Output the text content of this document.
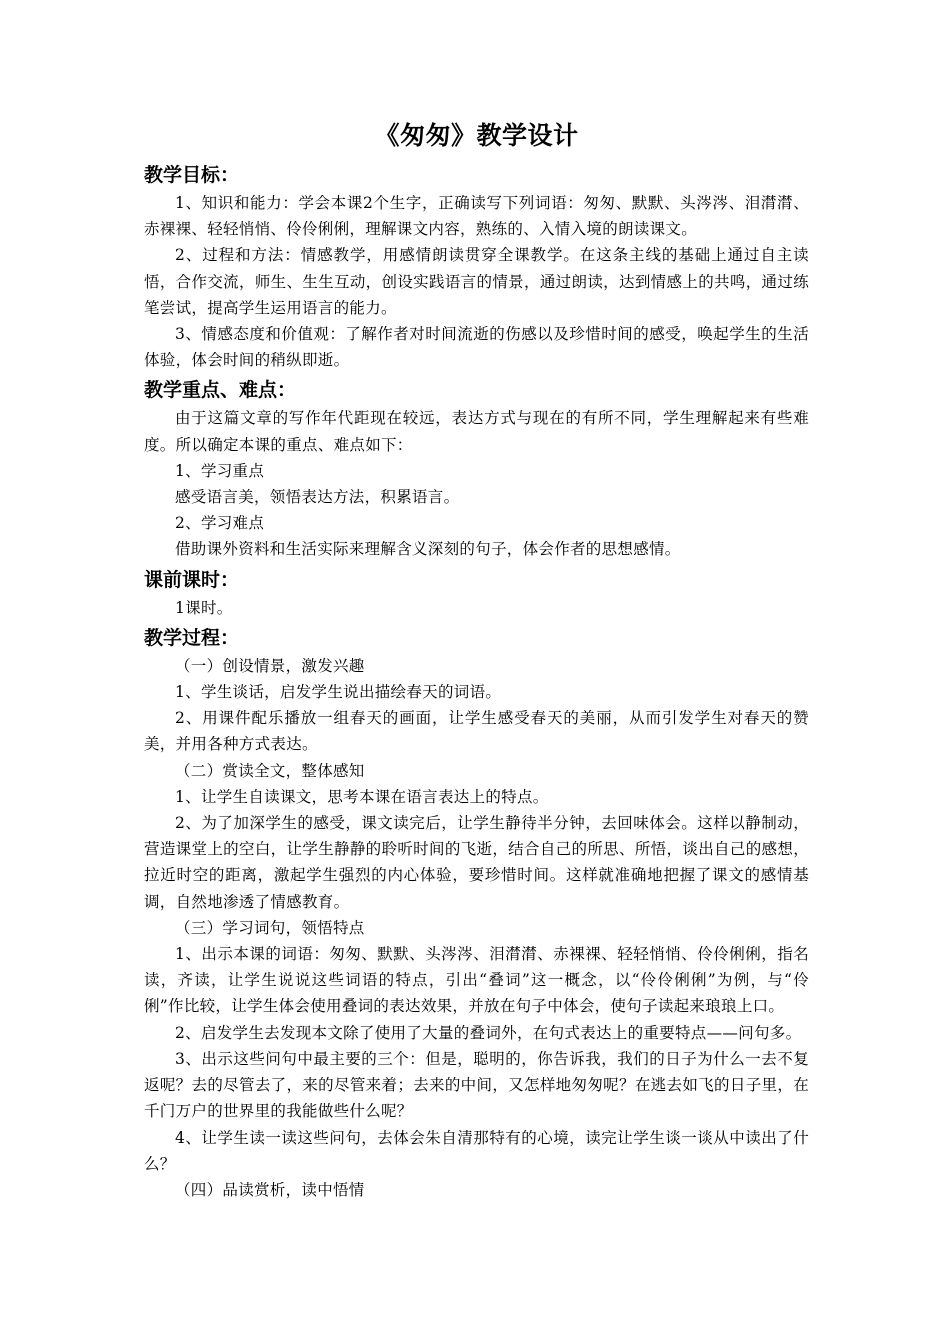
《匆匆》教学设计
教学目标：

1、知识和能力：学会本课2个生字，正确读写下列词语：匆匆、默默、头涔涔、泪潸潸、赤裸裸、轻轻悄悄、伶伶俐俐，理解课文内容，熟练的、入情入境的朗读课文。

2、过程和方法：情感教学，用感情朗读贯穿全课教学。在这条主线的基础上通过自主读悟，合作交流，师生、生生互动，创设实践语言的情景，通过朗读，达到情感上的共鸣，通过练笔尝试，提高学生运用语言的能力。

3、情感态度和价值观：了解作者对时间流逝的伤感以及珍惜时间的感受，唤起学生的生活体验，体会时间的稍纵即逝。

教学重点、难点：

由于这篇文章的写作年代距现在较远，表达方式与现在的有所不同，学生理解起来有些难度。所以确定本课的重点、难点如下：

1、学习重点

感受语言美，领悟表达方法，积累语言。

2、学习难点

借助课外资料和生活实际来理解含义深刻的句子，体会作者的思想感情。

课前课时：

1课时。

教学过程：

（一）创设情景，激发兴趣

1、学生谈话，启发学生说出描绘春天的词语。

2、用课件配乐播放一组春天的画面，让学生感受春天的美丽，从而引发学生对春天的赞美，并用各种方式表达。

（二）赏读全文，整体感知

1、让学生自读课文，思考本课在语言表达上的特点。

2、为了加深学生的感受，课文读完后，让学生静待半分钟，去回味体会。这样以静制动，营造课堂上的空白，让学生静静的聆听时间的飞逝，结合自己的所思、所悟，谈出自己的感想，拉近时空的距离，激起学生强烈的内心体验，要珍惜时间。这样就准确地把握了课文的感情基调，自然地渗透了情感教育。

（三）学习词句，领悟特点

1、出示本课的词语：匆匆、默默、头涔涔、泪潸潸、赤裸裸、轻轻悄悄、伶伶俐俐，指名读，齐读，让学生说说这些词语的特点，引出“叠词”这一概念，以“伶伶俐俐”为例，与“伶俐”作比较，让学生体会使用叠词的表达效果，并放在句子中体会，使句子读起来琅琅上口。

2、启发学生去发现本文除了使用了大量的叠词外，在句式表达上的重要特点——问句多。

3、出示这些问句中最主要的三个：但是，聪明的，你告诉我，我们的日子为什么一去不复返呢？去的尽管去了，来的尽管来着；去来的中间，又怎样地匆匆呢？在逃去如飞的日子里，在千门万户的世界里的我能做些什么呢？

4、让学生读一读这些问句，去体会朱自清那特有的心境，读完让学生谈一谈从中读出了什么？

（四）品读赏析，读中悟情
